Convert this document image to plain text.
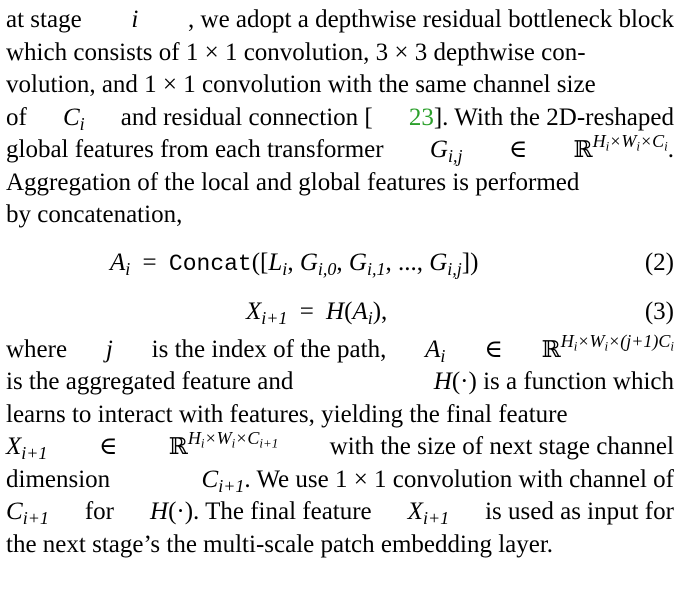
at stage i , we adopt a depthwise residual bottleneck block
which consists of 1 × 1 convolution, 3 × 3 depthwise con-
volution, and 1 × 1 convolution with the same channel size
of $C_i$ and residual connection [ 23]. With the 2D-reshaped
global features from each transformer $G_{i,j}$ ∈ ℝ$^{H_i\times W_i\times C_i}$.
Aggregation of the local and global features is performed
by concatenation,
$A_i$ = $Concat([L_i$, $G_{i,0}$, $G_{i,1}$, ..., $G_{i,j}$])	(2)
$X_{i+1} = H(A_i)$,	(3)
where j is the index of the path, $A_i$ ∈ ℝ$^{H_i\times W_i\times(j+1)C_i}$
is the aggregated feature and	H(·) is a function which
learns to interact with features, yielding the final feature
$X_{i+1}$ ∈ ℝ$^{H_i\times W_i\times C_{i+1}}$ with the size of next stage channel
dimension	$C_{i+1}$. We use 1 × 1 convolution with channel of
$C_{i+1}$ for H(·). The final feature $X_{i+1}$ is used as input for
the next stage’s the multi-scale patch embedding layer.
